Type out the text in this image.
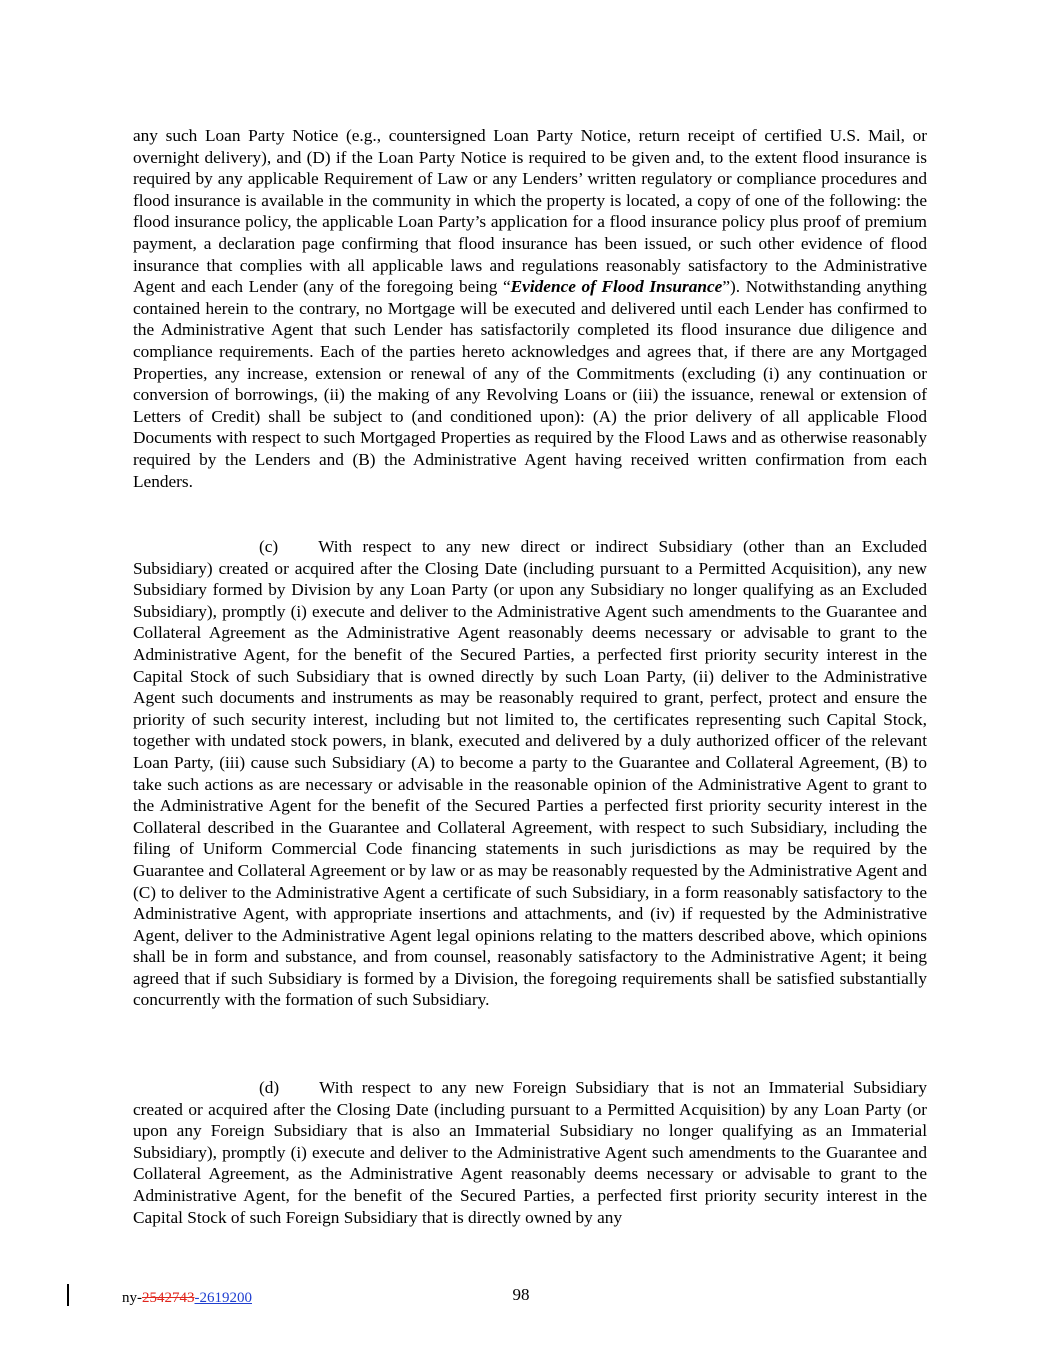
any such Loan Party Notice (e.g., countersigned Loan Party Notice, return receipt of certified U.S. Mail, or overnight delivery), and (D) if the Loan Party Notice is required to be given and, to the extent flood insurance is required by any applicable Requirement of Law or any Lenders’ written regulatory or compliance procedures and flood insurance is available in the community in which the property is located, a copy of one of the following: the flood insurance policy, the applicable Loan Party’s application for a flood insurance policy plus proof of premium payment, a declaration page confirming that flood insurance has been issued, or such other evidence of flood insurance that complies with all applicable laws and regulations reasonably satisfactory to the Administrative Agent and each Lender (any of the foregoing being “Evidence of Flood Insurance”). Notwithstanding anything contained herein to the contrary, no Mortgage will be executed and delivered until each Lender has confirmed to the Administrative Agent that such Lender has satisfactorily completed its flood insurance due diligence and compliance requirements. Each of the parties hereto acknowledges and agrees that, if there are any Mortgaged Properties, any increase, extension or renewal of any of the Commitments (excluding (i) any continuation or conversion of borrowings, (ii) the making of any Revolving Loans or (iii) the issuance, renewal or extension of Letters of Credit) shall be subject to (and conditioned upon): (A) the prior delivery of all applicable Flood Documents with respect to such Mortgaged Properties as required by the Flood Laws and as otherwise reasonably required by the Lenders and (B) the Administrative Agent having received written confirmation from each Lenders.

(c) With respect to any new direct or indirect Subsidiary (other than an Excluded Subsidiary) created or acquired after the Closing Date (including pursuant to a Permitted Acquisition), any new Subsidiary formed by Division by any Loan Party (or upon any Subsidiary no longer qualifying as an Excluded Subsidiary), promptly (i) execute and deliver to the Administrative Agent such amendments to the Guarantee and Collateral Agreement as the Administrative Agent reasonably deems necessary or advisable to grant to the Administrative Agent, for the benefit of the Secured Parties, a perfected first priority security interest in the Capital Stock of such Subsidiary that is owned directly by such Loan Party, (ii) deliver to the Administrative Agent such documents and instruments as may be reasonably required to grant, perfect, protect and ensure the priority of such security interest, including but not limited to, the certificates representing such Capital Stock, together with undated stock powers, in blank, executed and delivered by a duly authorized officer of the relevant Loan Party, (iii) cause such Subsidiary (A) to become a party to the Guarantee and Collateral Agreement, (B) to take such actions as are necessary or advisable in the reasonable opinion of the Administrative Agent to grant to the Administrative Agent for the benefit of the Secured Parties a perfected first priority security interest in the Collateral described in the Guarantee and Collateral Agreement, with respect to such Subsidiary, including the filing of Uniform Commercial Code financing statements in such jurisdictions as may be required by the Guarantee and Collateral Agreement or by law or as may be reasonably requested by the Administrative Agent and (C) to deliver to the Administrative Agent a certificate of such Subsidiary, in a form reasonably satisfactory to the Administrative Agent, with appropriate insertions and attachments, and (iv) if requested by the Administrative Agent, deliver to the Administrative Agent legal opinions relating to the matters described above, which opinions shall be in form and substance, and from counsel, reasonably satisfactory to the Administrative Agent; it being agreed that if such Subsidiary is formed by a Division, the foregoing requirements shall be satisfied substantially concurrently with the formation of such Subsidiary.

(d) With respect to any new Foreign Subsidiary that is not an Immaterial Subsidiary created or acquired after the Closing Date (including pursuant to a Permitted Acquisition) by any Loan Party (or upon any Foreign Subsidiary that is also an Immaterial Subsidiary no longer qualifying as an Immaterial Subsidiary), promptly (i) execute and deliver to the Administrative Agent such amendments to the Guarantee and Collateral Agreement, as the Administrative Agent reasonably deems necessary or advisable to grant to the Administrative Agent, for the benefit of the Secured Parties, a perfected first priority security interest in the Capital Stock of such Foreign Subsidiary that is directly owned by any

ny-2542743-2619200	98
